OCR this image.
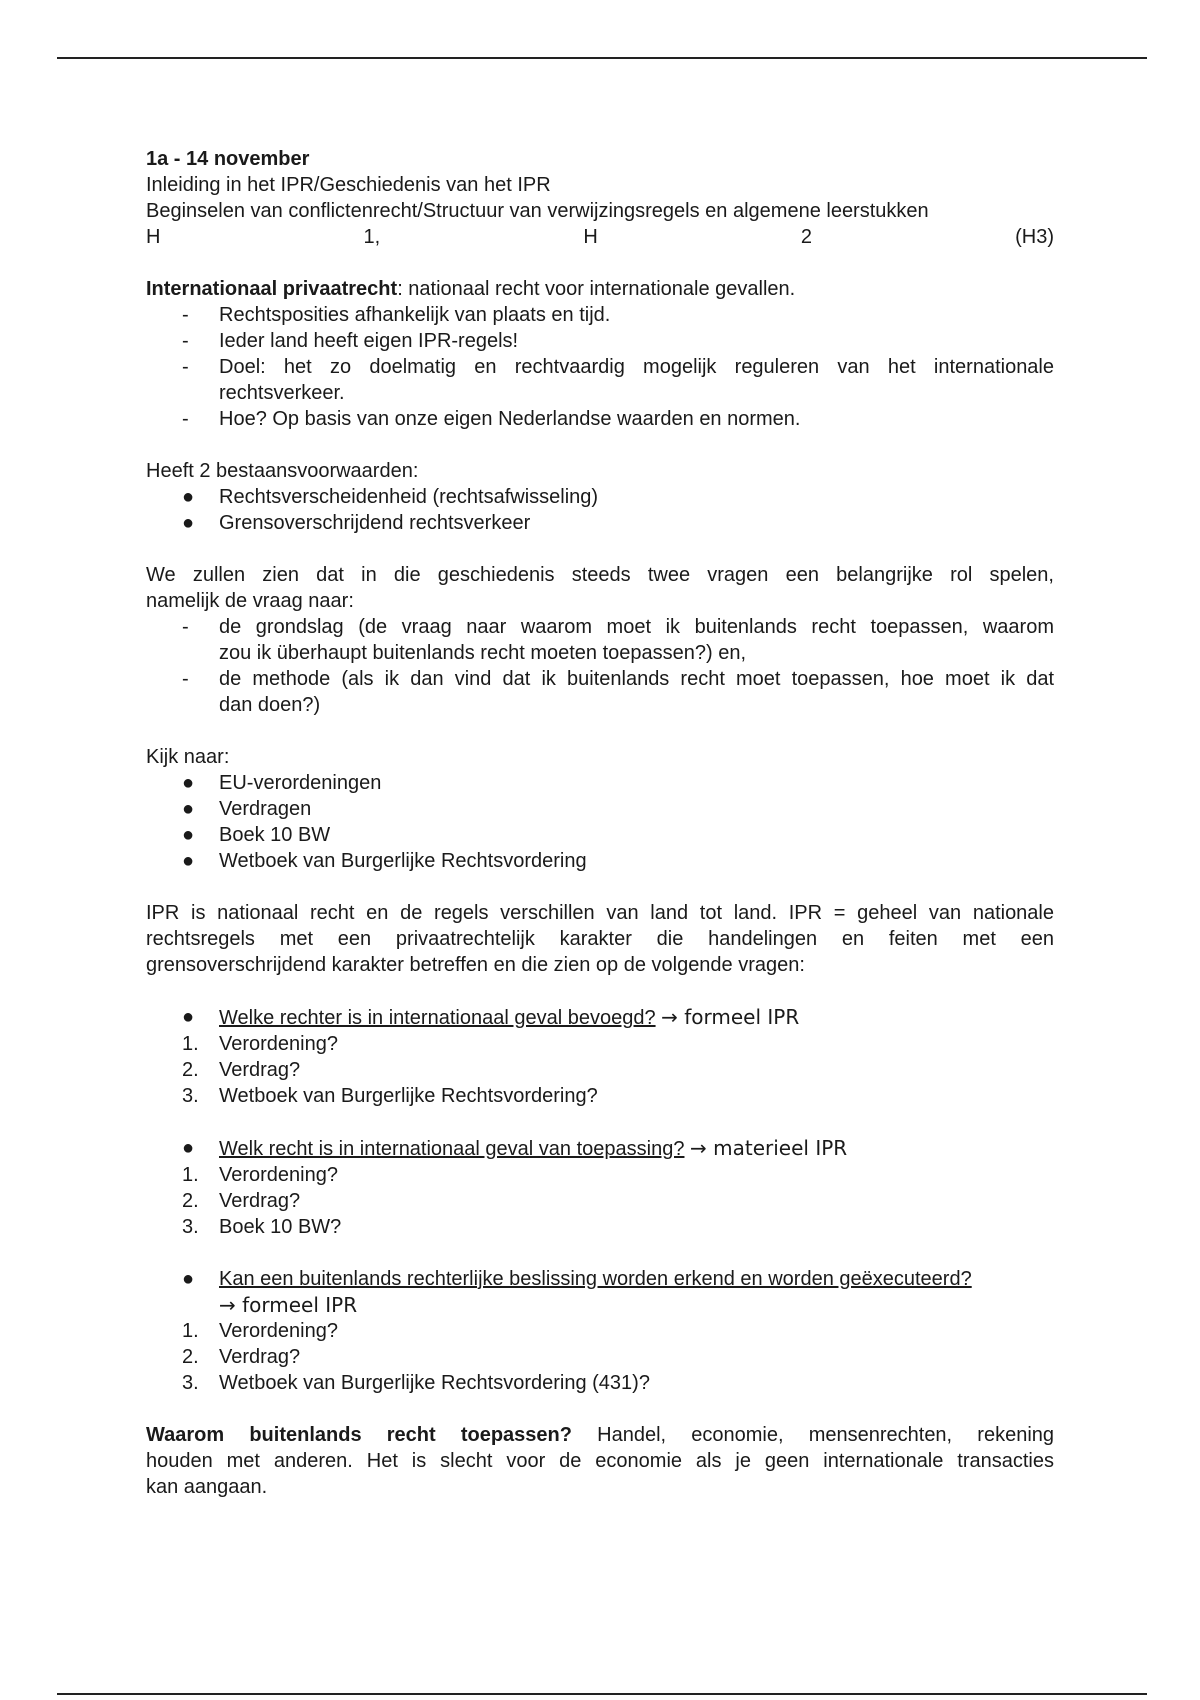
1a - 14 november
Inleiding in het IPR/Geschiedenis van het IPR
Beginselen van conflictenrecht/Structuur van verwijzingsregels en algemene leerstukken
H	1,	H	2	(H3)
Internationaal privaatrecht: nationaal recht voor internationale gevallen.
-	Rechtsposities afhankelijk van plaats en tijd.
-	Ieder land heeft eigen IPR-regels!
-	Doel: het zo doelmatig en rechtvaardig mogelijk reguleren van het internationale
rechtsverkeer.
-	Hoe? Op basis van onze eigen Nederlandse waarden en normen.
Heeft 2 bestaansvoorwaarden:
●	Rechtsverscheidenheid (rechtsafwisseling)
●	Grensoverschrijdend rechtsverkeer
We zullen zien dat in die geschiedenis steeds twee vragen een belangrijke rol spelen,
namelijk de vraag naar:
-	de grondslag (de vraag naar waarom moet ik buitenlands recht toepassen, waarom
zou ik überhaupt buitenlands recht moeten toepassen?) en,
-	de methode (als ik dan vind dat ik buitenlands recht moet toepassen, hoe moet ik dat
dan doen?)
Kijk naar:
●	EU-verordeningen
●	Verdragen
●	Boek 10 BW
●	Wetboek van Burgerlijke Rechtsvordering
IPR is nationaal recht en de regels verschillen van land tot land. IPR = geheel van nationale
rechtsregels met een privaatrechtelijk karakter die handelingen en feiten met een
grensoverschrijdend karakter betreffen en die zien op de volgende vragen:
●	Welke rechter is in internationaal geval bevoegd? → formeel IPR
1.	Verordening?
2.	Verdrag?
3.	Wetboek van Burgerlijke Rechtsvordering?
●	Welk recht is in internationaal geval van toepassing? → materieel IPR
1.	Verordening?
2.	Verdrag?
3.	Boek 10 BW?
●	Kan een buitenlands rechterlijke beslissing worden erkend en worden geëxecuteerd?
→ formeel IPR
1.	Verordening?
2.	Verdrag?
3.	Wetboek van Burgerlijke Rechtsvordering (431)?
Waarom buitenlands recht toepassen? Handel, economie, mensenrechten, rekening
houden met anderen. Het is slecht voor de economie als je geen internationale transacties
kan aangaan.
